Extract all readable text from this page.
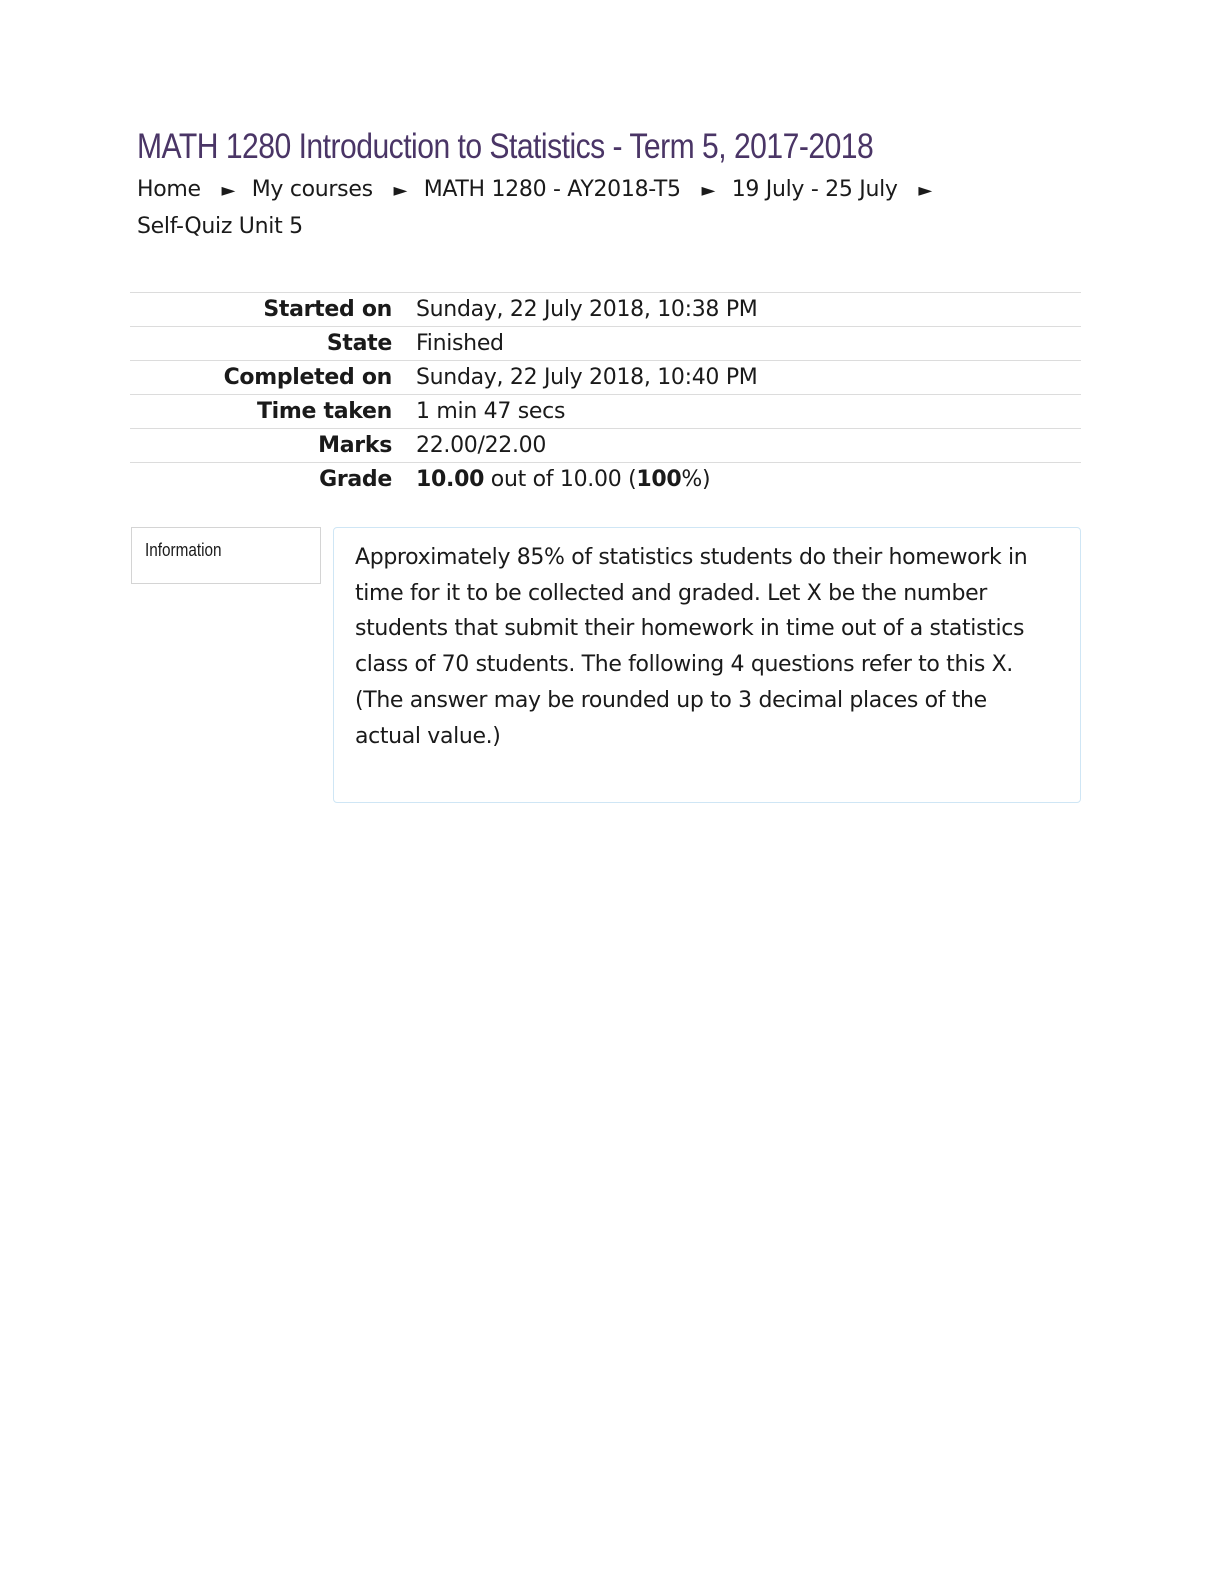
MATH 1280 Introduction to Statistics - Term 5, 2017-2018
Home ► My courses ► MATH 1280 - AY2018-T5 ► 19 July - 25 July ►
Self-Quiz Unit 5
Started on	Sunday, 22 July 2018, 10:38 PM
State	Finished
Completed on	Sunday, 22 July 2018, 10:40 PM
Time taken	1 min 47 secs
Marks	22.00/22.00
Grade	10.00 out of 10.00 (100%)
Information	Approximately 85% of statistics students do their homework in time for it to be collected and graded. Let X be the number students that submit their homework in time out of a statistics class of 70 students. The following 4 questions refer to this X. (The answer may be rounded up to 3 decimal places of the actual value.)
